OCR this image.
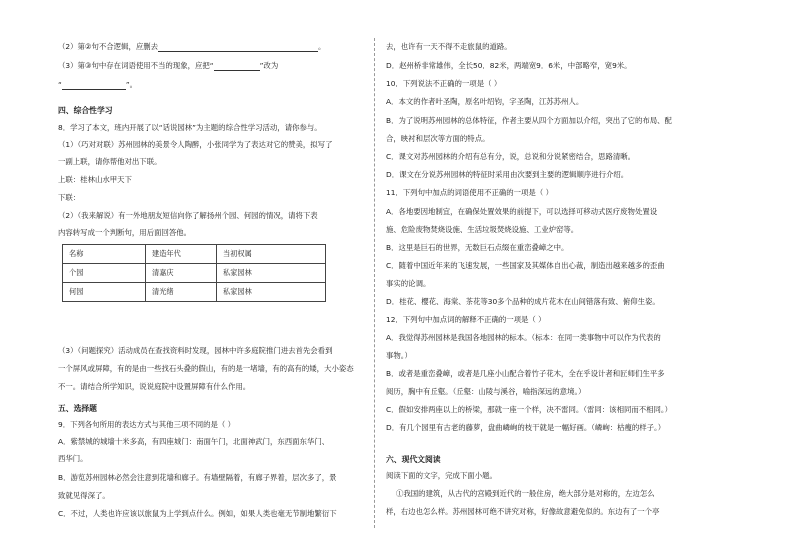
（2）第②句不合逻辑，应删去	。
（3）第③句中存在词语使用不当的现象，应把“	”改为
“	”。
四、综合性学习
8．学习了本文，班内开展了以“话说园林”为主题的综合性学习活动，请你参与。
（1）（巧对对联）苏州园林的美景令人陶醉，小张同学为了表达对它的赞美，拟写了
一副上联，请你帮他对出下联。
上联：桂林山水甲天下
下联：
（2）（我来解说）有一外地朋友短信向你了解扬州个园、何园的情况，请将下表
内容转写成一个判断句，用后面回答他。
名称	建造年代	当初权属
个园	清嘉庆	私家园林
何园	清光绪	私家园林
（3）（问题探究）活动成员在查找资料时发现，园林中许多庭院推门进去首先会看到
一个屏风或屏障，有的是由一些找石头叠的假山，有的是一堵墙，有的高有的矮，大小姿态
不一。请结合所学知识，说说庭院中设置屏障有什么作用。
五、选择题
9．下列各句所用的表达方式与其他三项不同的是（ ）
A．紫禁城的城墙十米多高，有四座城门：南面午门，北面神武门，东西面东华门、
西华门。
B．游览苏州园林必然会注意到花墙和廊子。有墙壁隔着，有廊子界着，层次多了，景
致就见得深了。
C．不过，人类也许应该以旅鼠为上学到点什么。例如，如果人类也毫无节制地繁衍下
去，也许有一天不得不走旅鼠的道路。
D．赵州桥非常雄伟，全长50．82米，两端宽9．6米，中部略窄，宽9米。
10．下列说法不正确的一项是（ ）
A．本文的作者叶圣陶，原名叶绍钧，字圣陶，江苏苏州人。
B．为了说明苏州园林的总体特征，作者主要从四个方面加以介绍，突出了它的布局、配
合，映衬和层次等方面的特点。
C．课文对苏州园林的介绍有总有分，说，总说和分说紧密结合，思路清晰。
D．课文在分说苏州园林的特征时采用由次要到主要的逻辑顺序进行介绍。
11．下列句中加点的词语使用不正确的一项是（ ）
A．各地要因地制宜，在确保处置效果的前提下，可以选择可移动式医疗废物处置设
施、危险废物焚烧设施、生活垃圾焚烧设施、工业炉窑等。
B．这里是巨石的世界，无数巨石点缀在重峦叠嶂之中。
C．随着中国近年来的飞速发展，一些国家及其媒体自出心裁，制造出越来越多的歪曲
事实的论调。
D．桂花、樱花、海棠、茶花等30多个品种的成片花木在山间错落有致、俯仰生姿。
12．下列句中加点词的解释不正确的一项是（ ）
A．我觉得苏州园林是我国各地园林的标本。（标本：在同一类事物中可以作为代表的
事物。）
B．或者是重峦叠嶂，或者是几座小山配合着竹子花木，全在乎设计者和匠师们生平多
阅历，胸中有丘壑。（丘壑：山陵与溪谷，喻指深远的意境。）
C．假如安排两座以上的桥梁，那就一座一个样，决不雷同。（雷同：该相同而不相同。）
D．有几个园里有古老的藤萝，盘曲嶙峋的枝干就是一幅好画。（嶙峋：枯瘦的样子。）
六、现代文阅读
阅读下面的文字，完成下面小题。
①我国的建筑，从古代的宫殿到近代的一般住房，绝大部分是对称的，左边怎么
样，右边也怎么样。苏州园林可绝不讲究对称，好像故意避免似的。东边有了一个亭
